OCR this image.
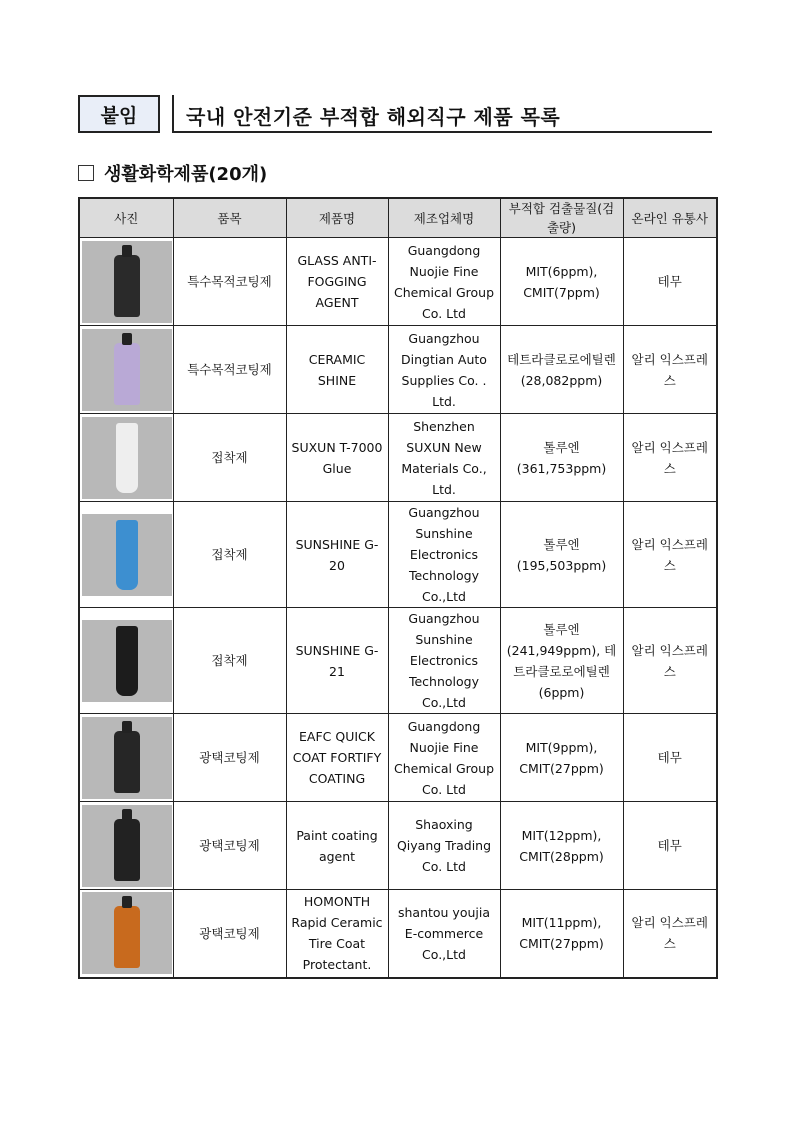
붙임	국내 안전기준 부적합 해외직구 제품 목록
생활화학제품(20개)
사진	품목	제품명	제조업체명	부적합 검출물질(검출량)	온라인 유통사

	특수목적코팅제	GLASS ANTI-FOGGING AGENT	Guangdong Nuojie Fine Chemical Group Co. Ltd	MIT(6ppm), CMIT(7ppm)	테무

	특수목적코팅제	CERAMIC SHINE	Guangzhou Dingtian Auto Supplies Co. . Ltd.	테트라클로로에틸렌 (28,082ppm)	알리 익스프레스

	접착제	SUXUN T-7000 Glue	Shenzhen SUXUN New Materials Co., Ltd.	톨루엔 (361,753ppm)	알리 익스프레스

	접착제	SUNSHINE G-20	Guangzhou Sunshine Electronics Technology Co.,Ltd	톨루엔 (195,503ppm)	알리 익스프레스

	접착제	SUNSHINE G-21	Guangzhou Sunshine Electronics Technology Co.,Ltd	톨루엔 (241,949ppm), 테트라클로로에틸렌 (6ppm)	알리 익스프레스

	광택코팅제	EAFC QUICK COAT FORTIFY COATING	Guangdong Nuojie Fine Chemical Group Co. Ltd	MIT(9ppm), CMIT(27ppm)	테무

	광택코팅제	Paint coating agent	Shaoxing Qiyang Trading Co. Ltd	MIT(12ppm), CMIT(28ppm)	테무

	광택코팅제	HOMONTH Rapid Ceramic Tire Coat Protectant.	shantou youjia E-commerce Co.,Ltd	MIT(11ppm), CMIT(27ppm)	알리 익스프레스
